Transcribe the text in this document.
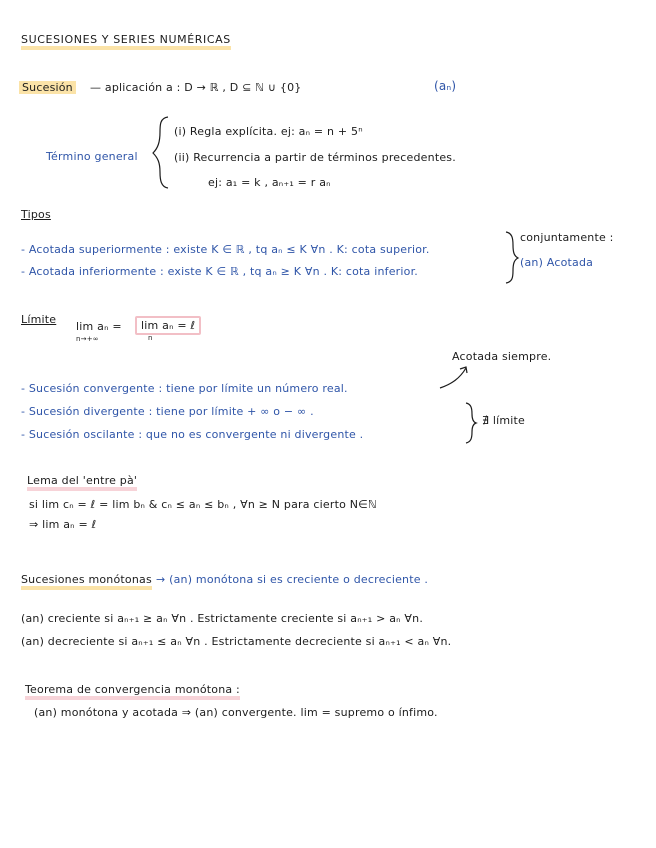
SUCESIONES Y SERIES NUMÉRICAS
Sucesión — aplicación a : D → ℝ , D ⊆ ℕ ∪ {0}	(aₙ)
Término general
(i) Regla explícita. ej: aₙ = n + 5ⁿ
(ii) Recurrencia a partir de términos precedentes.
ej: a₁ = k , aₙ₊₁ = r aₙ
Tipos
- Acotada superiormente : existe K ∈ ℝ , tq aₙ ≤ K ∀n . K: cota superior.
- Acotada inferiormente : existe K ∈ ℝ , tq aₙ ≥ K ∀n . K: cota inferior.
conjuntamente :
(an) Acotada
Límite
lim aₙ =
n→+∞
lim aₙ = ℓ
n
Acotada siempre.
- Sucesión convergente : tiene por límite un número real.
- Sucesión divergente : tiene por límite + ∞ o − ∞ .
- Sucesión oscilante : que no es convergente ni divergente .
∄ límite
Lema del 'entre pà'
si lim cₙ = ℓ = lim bₙ & cₙ ≤ aₙ ≤ bₙ , ∀n ≥ N para cierto N∈ℕ
⇒ lim aₙ = ℓ
Sucesiones monótonas → (an) monótona si es creciente o decreciente .
(an) creciente si aₙ₊₁ ≥ aₙ ∀n . Estrictamente creciente si aₙ₊₁ > aₙ ∀n.
(an) decreciente si aₙ₊₁ ≤ aₙ ∀n . Estrictamente decreciente si aₙ₊₁ < aₙ ∀n.
Teorema de convergencia monótona :
(an) monótona y acotada ⇒ (an) convergente. lim = supremo o ínfimo.
